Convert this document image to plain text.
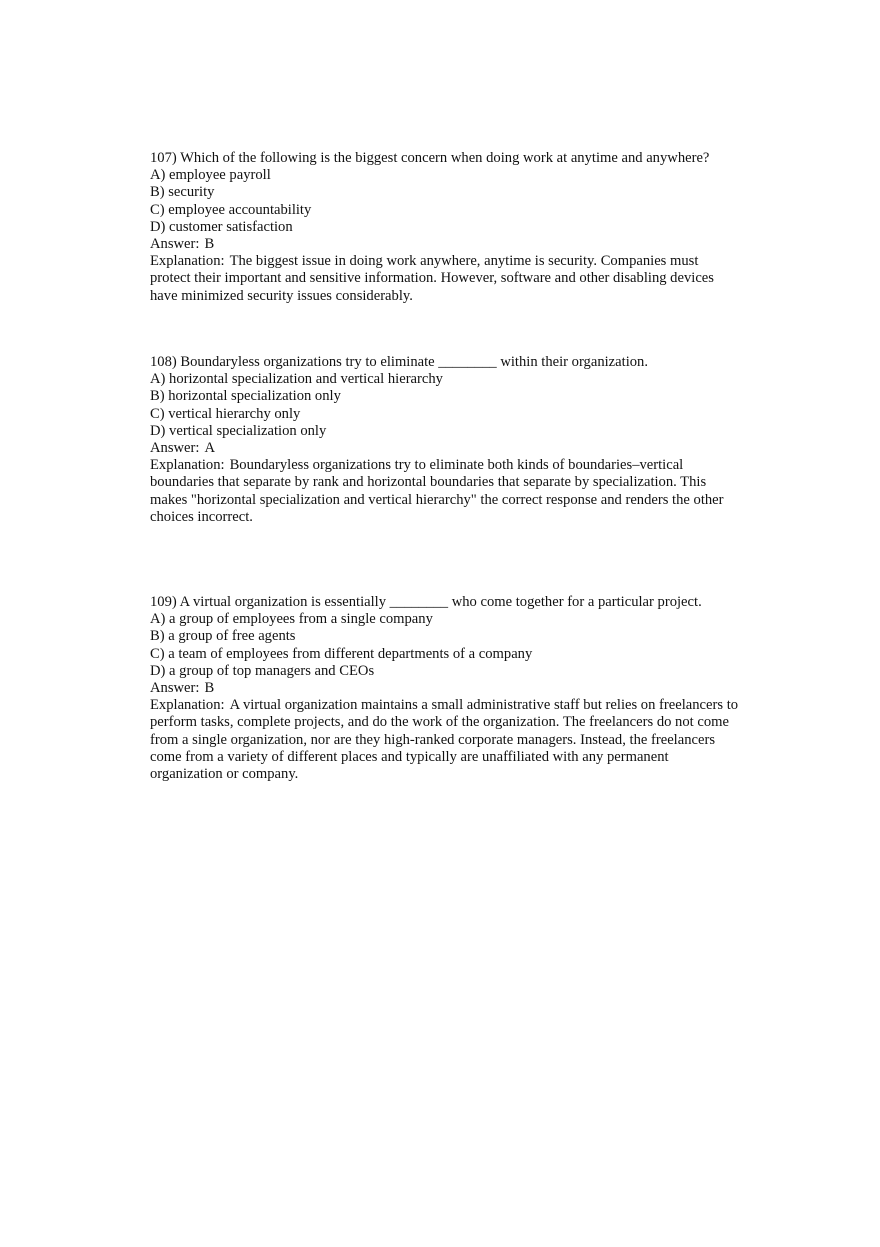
107) Which of the following is the biggest concern when doing work at anytime and anywhere?
A) employee payroll
B) security
C) employee accountability
D) customer satisfaction
Answer: B
Explanation: The biggest issue in doing work anywhere, anytime is security. Companies must protect their important and sensitive information. However, software and other disabling devices have minimized security issues considerably.
108) Boundaryless organizations try to eliminate ________ within their organization.
A) horizontal specialization and vertical hierarchy
B) horizontal specialization only
C) vertical hierarchy only
D) vertical specialization only
Answer: A
Explanation: Boundaryless organizations try to eliminate both kinds of boundaries–vertical boundaries that separate by rank and horizontal boundaries that separate by specialization. This makes "horizontal specialization and vertical hierarchy" the correct response and renders the other choices incorrect.
109) A virtual organization is essentially ________ who come together for a particular project.
A) a group of employees from a single company
B) a group of free agents
C) a team of employees from different departments of a company
D) a group of top managers and CEOs
Answer: B
Explanation: A virtual organization maintains a small administrative staff but relies on freelancers to perform tasks, complete projects, and do the work of the organization. The freelancers do not come from a single organization, nor are they high-ranked corporate managers. Instead, the freelancers come from a variety of different places and typically are unaffiliated with any permanent organization or company.
